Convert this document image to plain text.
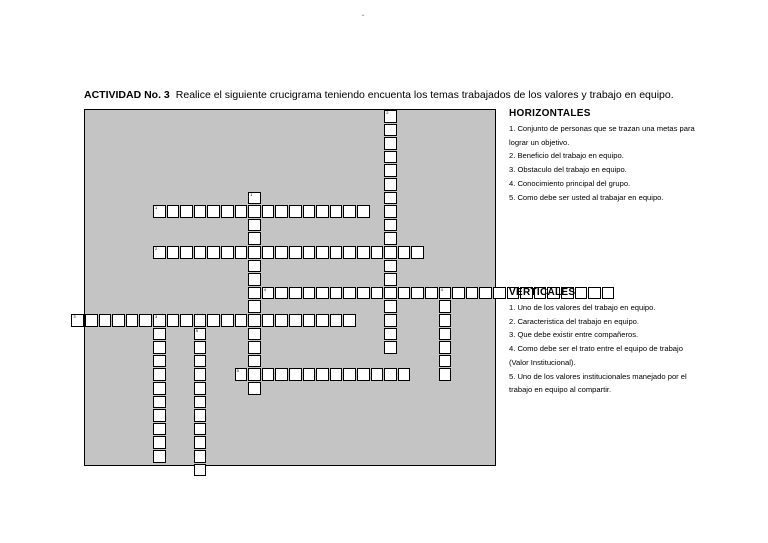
´
ACTIVIDAD No. 3 Realice el siguiente crucigrama teniendo encuenta los temas trabajados de los valores y trabajo en equipo.
2
1
1
2
4
4
3
5
3
5
HORIZONTALES
1. Conjunto de personas que se trazan una metas para
lograr un objetivo.
2. Beneficio del trabajo en equipo.
3. Obstaculo del trabajo en equipo.
4. Conocimiento principal del grupo.
5. Como debe ser usted al trabajar en equipo.
VERTICALES
1. Uno de los valores del trabajo en equipo.
2. Caracteristica del trabajo en equipo.
3. Que debe existir entre compañeros.
4. Como debe ser el trato entre el equipo de trabajo
(Valor Institucional).
5. Uno de los valores institucionales manejado por el
trabajo en equipo al compartir.
